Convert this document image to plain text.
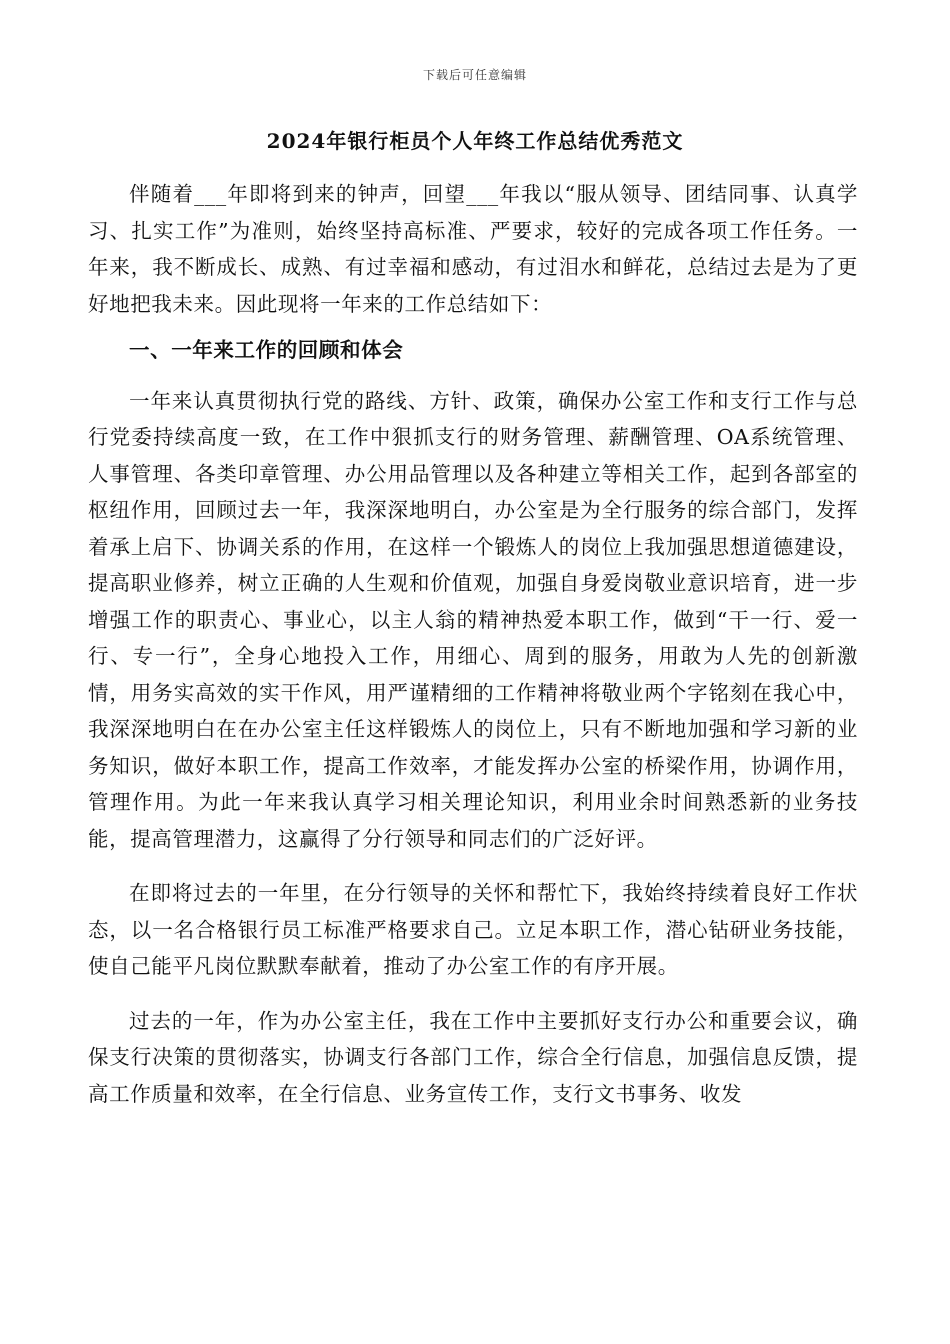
下载后可任意编辑
2024年银行柜员个人年终工作总结优秀范文

伴随着___年即将到来的钟声，回望___年我以“服从领导、团结同事、认真学习、扎实工作”为准则，始终坚持高标准、严要求，较好的完成各项工作任务。一年来，我不断成长、成熟、有过幸福和感动，有过泪水和鲜花，总结过去是为了更好地把我未来。因此现将一年来的工作总结如下：

一、一年来工作的回顾和体会

一年来认真贯彻执行党的路线、方针、政策，确保办公室工作和支行工作与总行党委持续高度一致，在工作中狠抓支行的财务管理、薪酬管理、OA系统管理、人事管理、各类印章管理、办公用品管理以及各种建立等相关工作，起到各部室的枢纽作用，回顾过去一年，我深深地明白，办公室是为全行服务的综合部门，发挥着承上启下、协调关系的作用，在这样一个锻炼人的岗位上我加强思想道德建设，提高职业修养，树立正确的人生观和价值观，加强自身爱岗敬业意识培育，进一步增强工作的职责心、事业心，以主人翁的精神热爱本职工作，做到“干一行、爱一行、专一行”，全身心地投入工作，用细心、周到的服务，用敢为人先的创新激情，用务实高效的实干作风，用严谨精细的工作精神将敬业两个字铭刻在我心中，我深深地明白在在办公室主任这样锻炼人的岗位上，只有不断地加强和学习新的业务知识，做好本职工作，提高工作效率，才能发挥办公室的桥梁作用，协调作用，管理作用。为此一年来我认真学习相关理论知识，利用业余时间熟悉新的业务技能，提高管理潜力，这赢得了分行领导和同志们的广泛好评。

在即将过去的一年里，在分行领导的关怀和帮忙下，我始终持续着良好工作状态，以一名合格银行员工标准严格要求自己。立足本职工作，潜心钻研业务技能，使自己能平凡岗位默默奉献着，推动了办公室工作的有序开展。

过去的一年，作为办公室主任，我在工作中主要抓好支行办公和重要会议，确保支行决策的贯彻落实，协调支行各部门工作，综合全行信息，加强信息反馈，提高工作质量和效率，在全行信息、业务宣传工作，支行文书事务、收发
